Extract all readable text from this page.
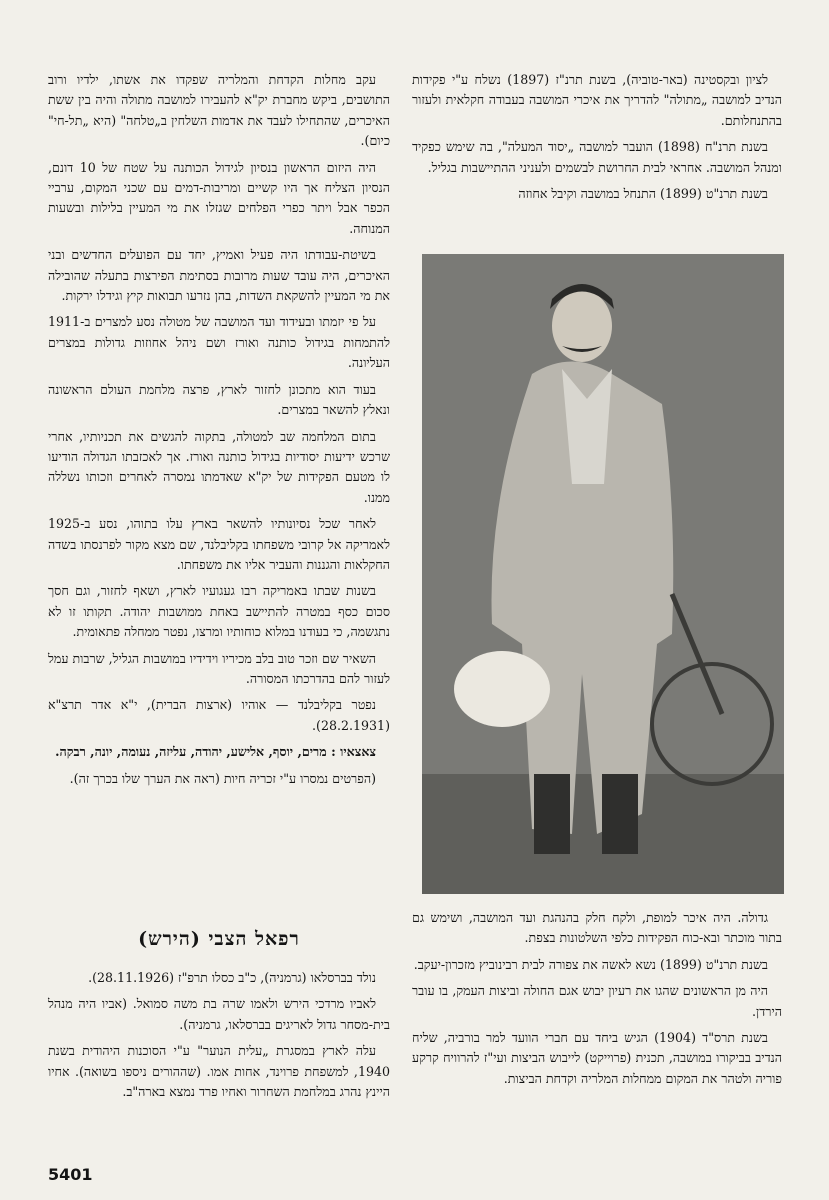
לציון ובקסטינה (באר-טוביה), בשנת תרנ"ז (1897) נשלח ע"י פקידות הנדיב למושבה „מתולה" להדריך את איכרי המושבה בעבודה חקלאית ולעזור בהתנחלותם.

בשנת תרנ"ח (1898) הועבר למושבה „יסוד המעלה", בה שימש כפקיד ומנהל המושבה. אחראי לבית החרושת לבשמים ולעניני ההתיישבות בגליל.

בשנת תרנ"ט (1899) התנחל במושבה וקיבל אחוזה

גדולה. היה איכר למופת, ולקח חלק בהנהגת ועד המושבה, ושימש גם בתור מוכתר ובא-כוח הפקידות כלפי השלטונות בצפת.

בשנת תרנ"ט (1899) נשא לאשה את צפורה לבית רבינוביץ מזכרון-יעקב.

היה מן הראשונים שהגו את רעיון יבוש אגם החולה וביצות העמק, בו עובר הירדן.

בשנת תרס"ד (1904) הגיש ביחד עם חברי הוועד למר בורביה, שליח הנדיב בביקורו במושבה, תכנית (פרוייקט) לייבוש הביצות ועי"ז להרוויח קרקע פוריה ולטהר את המקום ממחלות המלריה וקדחת הביצות.

עקב מחלות הקדחת והמלריה שפקדו את אשתו, ילדיו ורוב התושבים, ביקש מחברת יק"א להעבירו למושבה מתולה והיה בין ששת האיכרים, שהתחילו לעבד את אדמות השלחין ב„טלחה" (היא „תל-חי" כיום).

היה היזום הראשון בנסיון לגידול הכותנה על שטח של 10 דונם, הנסיון הצליח אך היו קשיים ומריבות-דמים עם שכני המקום, ערביי הכפר אבל ויתר כפרי הפלחים שגזלו את מי המעיין בלילות ובשעות המנוחה.

בשיטת-עבודתו היה פעיל ואמיץ, יחד עם הפועלים החדשים ובני האיכרים, היה עובד שעות מרובות בסתימת הפירצות בתעלה שהובילה את מי המעיין להשקאת השדות, בהן נזרעו תבואות קיץ וגידלו ירקות.

על פי יזמתו ובעידוד ועד המושבה של מטולה נסע למצרים ב-1911 להתמחות בגידול כותנה ואורז ושם ניהל אחוזות גדולות במצרים העליונה.

בעוד הוא מתכונן לחזור לארץ, פרצה מלחמת העולם הראשונה ונאלץ להשאר במצרים.

בתום המלחמה שב למטולה, בתקוה להגשים את תכניותיו, אחרי שרכש ידיעות יסודיות בגידול כותנה ואורז. אך לאכזבתו הגדולה הודיעו לו מטעם הפקידות של יק"א שאדמתו נמסרה לאחרים וזכותו נשללה ממנו.

לאחר שכל נסיונותיו להשאר בארץ עלו בתוהו, נסע ב-1925 לאמריקה אל קרובי משפחתו בקליבלנד, שם מצא מקור לפרנסתו בשדה החקלאות והגננות והעביר אליו את משפחתו.

בשנות שבתו באמריקה רבו געגועיו לארץ, ושאף לחזור, וגם חסך סכום כסף במטרה להתיישב באחת ממושבות יהודה. תקותו זו לא נתגשמה, כי בעודנו במלוא כוחותיו ומרצו, נפטר ממחלה פתאומית.

השאיר שם וזכר טוב בלב מכיריו וידידיו במושבות הגליל, שרבות עמל לעזור להם בהדרכתו המסורה.

נפטר בקליבלנד — אוהיו (ארצות הברית), י"א אדר תרצ"א (28.2.1931).

צאצאיו : מרים, יוסף, אלישע, יהודה, עליזה, נעומה, יונה, רבקה.

(הפרטים נמסרו ע"י זכריה חיות (ראה את הערך שלו בכרך זה).

רפאל הצבי (הירש)

נולד בברסלאו (גרמניה), כ"ב כסלו תרפ"ז (28.11.1926).

לאביו מרדכי הירש ולאמו שרה בת משה סמואל. (אביו היה מנהל בית-מסחר גדול לאריגים בברסלאו, גרמניה).

עלה לארץ במסגרת „עלית הנוער" ע"י הסוכנות היהודית בשנת 1940, למשפחת פרוינד, אחות אמו. (שההורים ניספו בשואה). אחיו היינץ נהרג במלחמת השחרור ואחיו פרד נמצא בארה"ב.

5401
